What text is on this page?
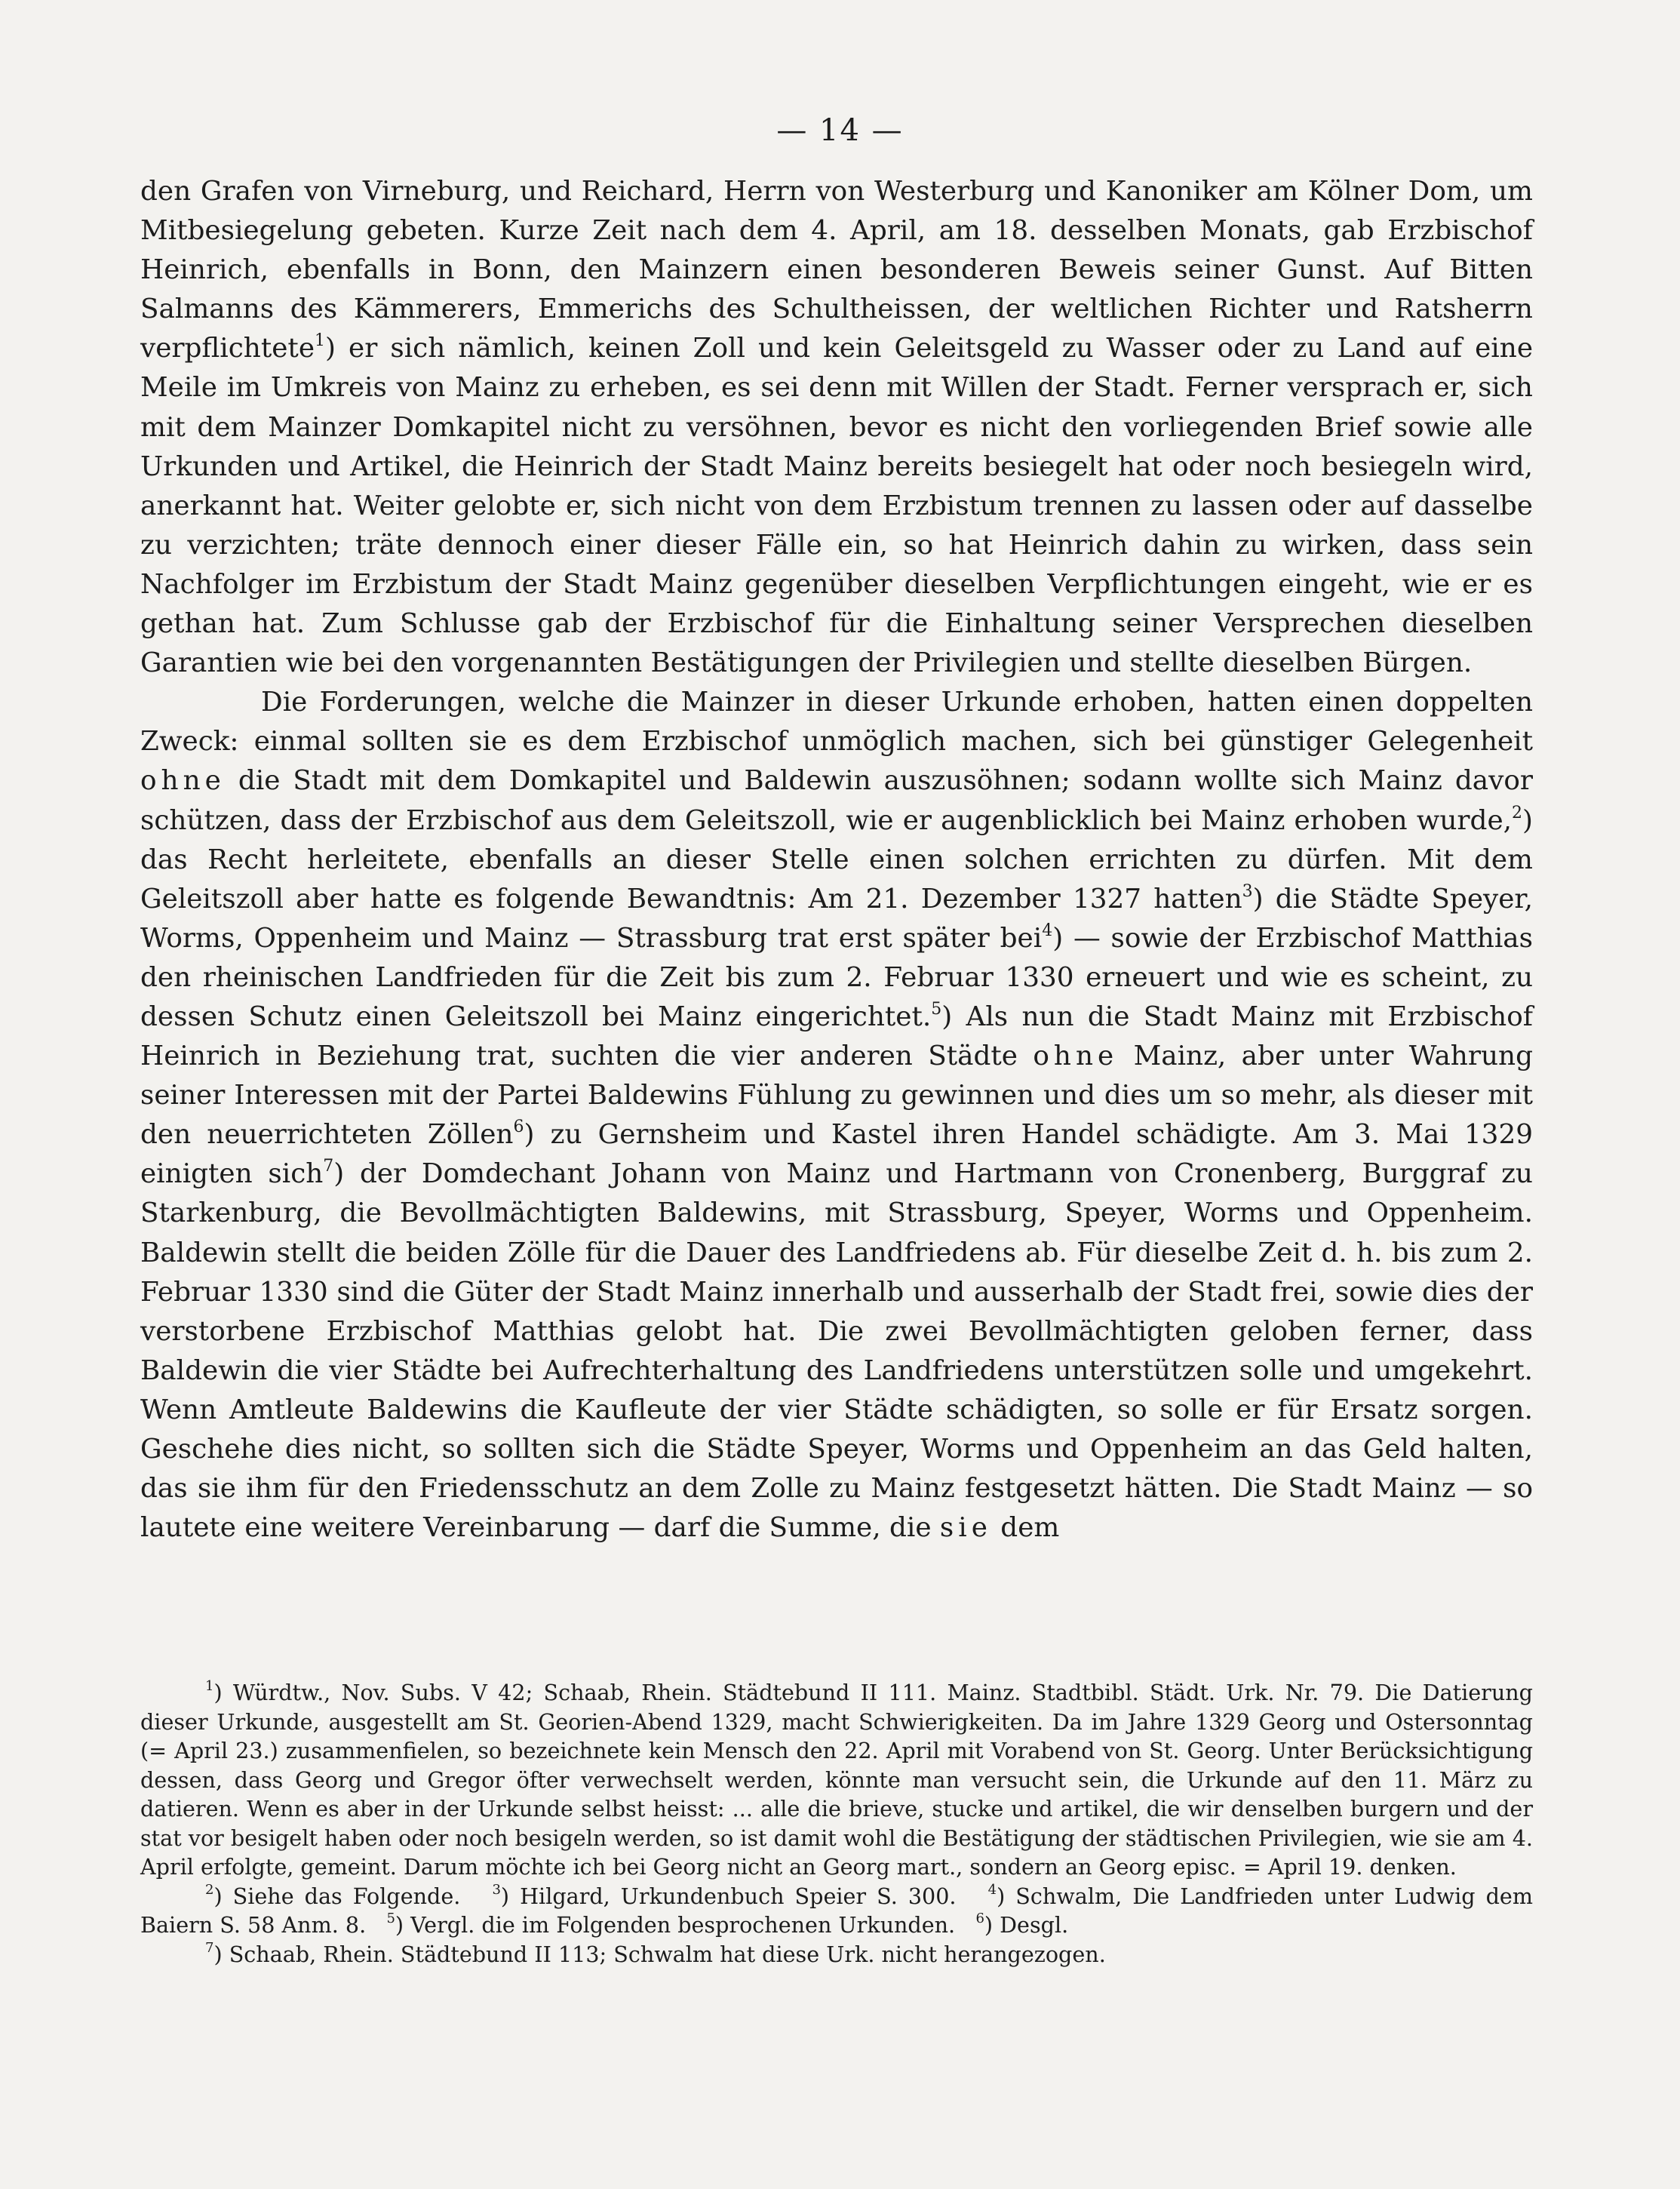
— 14 —

den Grafen von Virneburg, und Reichard, Herrn von Westerburg und Kanoniker am Kölner Dom, um Mitbesiegelung gebeten. Kurze Zeit nach dem 4. April, am 18. desselben Monats, gab Erzbischof Heinrich, ebenfalls in Bonn, den Mainzern einen besonderen Beweis seiner Gunst. Auf Bitten Salmanns des Kämmerers, Emmerichs des Schultheissen, der weltlichen Richter und Ratsherrn verpflichtete$^1$) er sich nämlich, keinen Zoll und kein Geleitsgeld zu Wasser oder zu Land auf eine Meile im Umkreis von Mainz zu erheben, es sei denn mit Willen der Stadt. Ferner versprach er, sich mit dem Mainzer Domkapitel nicht zu versöhnen, bevor es nicht den vorliegenden Brief sowie alle Urkunden und Artikel, die Heinrich der Stadt Mainz bereits besiegelt hat oder noch besiegeln wird, anerkannt hat. Weiter gelobte er, sich nicht von dem Erzbistum trennen zu lassen oder auf dasselbe zu verzichten; träte dennoch einer dieser Fälle ein, so hat Heinrich dahin zu wirken, dass sein Nachfolger im Erzbistum der Stadt Mainz gegenüber dieselben Verpflichtungen eingeht, wie er es gethan hat. Zum Schlusse gab der Erzbischof für die Einhaltung seiner Versprechen dieselben Garantien wie bei den vorgenannten Bestätigungen der Privilegien und stellte dieselben Bürgen.

Die Forderungen, welche die Mainzer in dieser Urkunde erhoben, hatten einen doppelten Zweck: einmal sollten sie es dem Erzbischof unmöglich machen, sich bei günstiger Gelegenheit ohne die Stadt mit dem Domkapitel und Baldewin auszusöhnen; sodann wollte sich Mainz davor schützen, dass der Erzbischof aus dem Geleitszoll, wie er augenblicklich bei Mainz erhoben wurde,$^2$) das Recht herleitete, ebenfalls an dieser Stelle einen solchen errichten zu dürfen. Mit dem Geleitszoll aber hatte es folgende Bewandtnis: Am 21. Dezember 1327 hatten$^3$) die Städte Speyer, Worms, Oppenheim und Mainz — Strassburg trat erst später bei$^4$) — sowie der Erzbischof Matthias den rheinischen Landfrieden für die Zeit bis zum 2. Februar 1330 erneuert und wie es scheint, zu dessen Schutz einen Geleitszoll bei Mainz eingerichtet.$^5$) Als nun die Stadt Mainz mit Erzbischof Heinrich in Beziehung trat, suchten die vier anderen Städte ohne Mainz, aber unter Wahrung seiner Interessen mit der Partei Baldewins Fühlung zu gewinnen und dies um so mehr, als dieser mit den neuerrichteten Zöllen$^6$) zu Gernsheim und Kastel ihren Handel schädigte. Am 3. Mai 1329 einigten sich$^7$) der Domdechant Johann von Mainz und Hartmann von Cronenberg, Burggraf zu Starkenburg, die Bevollmächtigten Baldewins, mit Strassburg, Speyer, Worms und Oppenheim. Baldewin stellt die beiden Zölle für die Dauer des Landfriedens ab. Für dieselbe Zeit d. h. bis zum 2. Februar 1330 sind die Güter der Stadt Mainz innerhalb und ausserhalb der Stadt frei, sowie dies der verstorbene Erzbischof Matthias gelobt hat. Die zwei Bevollmächtigten geloben ferner, dass Baldewin die vier Städte bei Aufrechterhaltung des Landfriedens unterstützen solle und umgekehrt. Wenn Amtleute Baldewins die Kaufleute der vier Städte schädigten, so solle er für Ersatz sorgen. Geschehe dies nicht, so sollten sich die Städte Speyer, Worms und Oppenheim an das Geld halten, das sie ihm für den Friedensschutz an dem Zolle zu Mainz festgesetzt hätten. Die Stadt Mainz — so lautete eine weitere Vereinbarung — darf die Summe, die sie dem

$^1$) Würdtw., Nov. Subs. V 42; Schaab, Rhein. Städtebund II 111. Mainz. Stadtbibl. Städt. Urk. Nr. 79. Die Datierung dieser Urkunde, ausgestellt am St. Georien-Abend 1329, macht Schwierigkeiten. Da im Jahre 1329 Georg und Ostersonntag (= April 23.) zusammenfielen, so bezeichnete kein Mensch den 22. April mit Vorabend von St. Georg. Unter Berücksichtigung dessen, dass Georg und Gregor öfter verwechselt werden, könnte man versucht sein, die Urkunde auf den 11. März zu datieren. Wenn es aber in der Urkunde selbst heisst: ... alle die brieve, stucke und artikel, die wir denselben burgern und der stat vor besigelt haben oder noch besigeln werden, so ist damit wohl die Bestätigung der städtischen Privilegien, wie sie am 4. April erfolgte, gemeint. Darum möchte ich bei Georg nicht an Georg mart., sondern an Georg episc. = April 19. denken.

$^2$) Siehe das Folgende. $^3$) Hilgard, Urkundenbuch Speier S. 300. $^4$) Schwalm, Die Landfrieden unter Ludwig dem Baiern S. 58 Anm. 8. $^5$) Vergl. die im Folgenden besprochenen Urkunden. $^6$) Desgl.

$^7$) Schaab, Rhein. Städtebund II 113; Schwalm hat diese Urk. nicht herangezogen.
